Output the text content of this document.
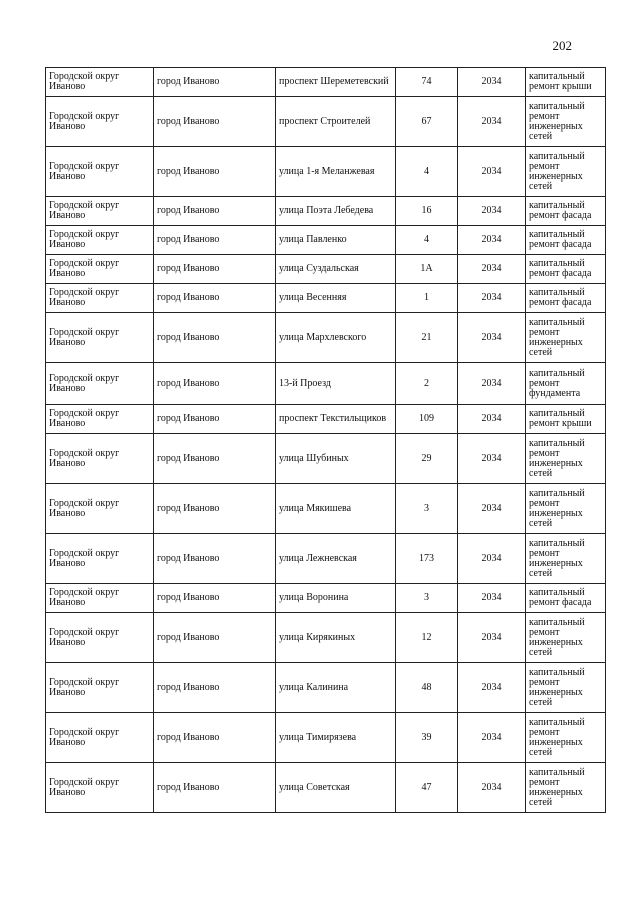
202
Городской округ Иваново	город Иваново	проспект Шереметевский	74	2034	капитальный ремонт крыши
Городской округ Иваново	город Иваново	проспект Строителей	67	2034	капитальный ремонт инженерных сетей
Городской округ Иваново	город Иваново	улица 1-я Меланжевая	4	2034	капитальный ремонт инженерных сетей
Городской округ Иваново	город Иваново	улица Поэта Лебедева	16	2034	капитальный ремонт фасада
Городской округ Иваново	город Иваново	улица Павленко	4	2034	капитальный ремонт фасада
Городской округ Иваново	город Иваново	улица Суздальская	1А	2034	капитальный ремонт фасада
Городской округ Иваново	город Иваново	улица Весенняя	1	2034	капитальный ремонт фасада
Городской округ Иваново	город Иваново	улица Мархлевского	21	2034	капитальный ремонт инженерных сетей
Городской округ Иваново	город Иваново	13-й Проезд	2	2034	капитальный ремонт фундамента
Городской округ Иваново	город Иваново	проспект Текстильщиков	109	2034	капитальный ремонт крыши
Городской округ Иваново	город Иваново	улица Шубиных	29	2034	капитальный ремонт инженерных сетей
Городской округ Иваново	город Иваново	улица Мякишева	3	2034	капитальный ремонт инженерных сетей
Городской округ Иваново	город Иваново	улица Лежневская	173	2034	капитальный ремонт инженерных сетей
Городской округ Иваново	город Иваново	улица Воронина	3	2034	капитальный ремонт фасада
Городской округ Иваново	город Иваново	улица Кирякиных	12	2034	капитальный ремонт инженерных сетей
Городской округ Иваново	город Иваново	улица Калинина	48	2034	капитальный ремонт инженерных сетей
Городской округ Иваново	город Иваново	улица Тимирязева	39	2034	капитальный ремонт инженерных сетей
Городской округ Иваново	город Иваново	улица Советская	47	2034	капитальный ремонт инженерных сетей
